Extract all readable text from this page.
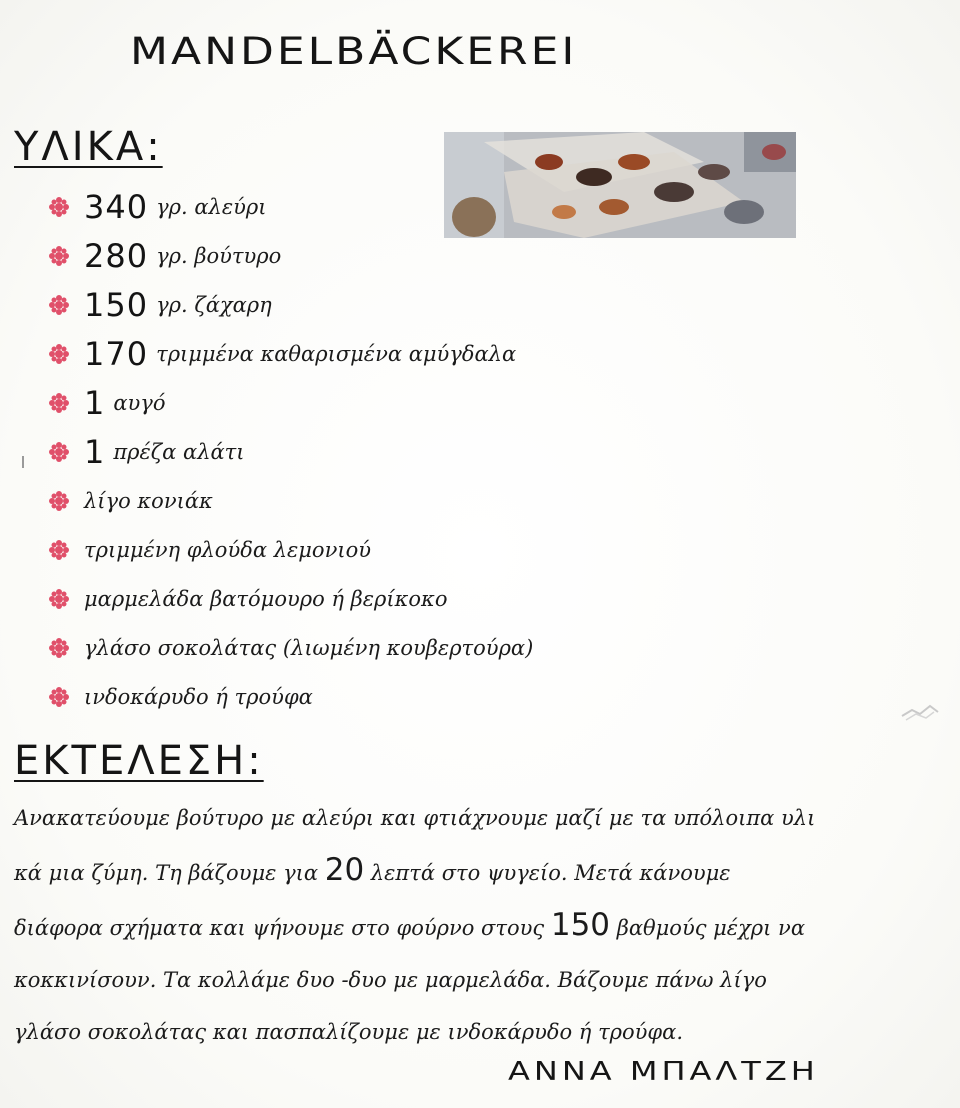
MANDELBÄCKEREI
ΥΛΙΚΑ:
340 γρ. αλεύρι
280 γρ. βούτυρο
150 γρ. ζάχαρη
170 τριμμένα καθαρισμένα αμύγδαλα
1 αυγό
1 πρέζα αλάτι
λίγο κονιάκ
τριμμένη φλούδα λεμονιού
μαρμελάδα βατόμουρο ή βερίκοκο
γλάσο σοκολάτας (λιωμένη κουβερτούρα)
ινδοκάρυδο ή τρούφα
ΕΚΤΕΛΕΣΗ:
Ανακατεύουμε βούτυρο με αλεύρι και φτιάχνουμε μαζί με τα υπόλοιπα υλι
κά μια ζύμη. Τη βάζουμε για 20 λεπτά στο ψυγείο. Μετά κάνουμε
διάφορα σχήματα και ψήνουμε στο φούρνο στους 150 βαθμούς μέχρι να
κοκκινίσουν. Τα κολλάμε δυο -δυο με μαρμελάδα. Βάζουμε πάνω λίγο
γλάσο σοκολάτας και πασπαλίζουμε με ινδοκάρυδο ή τρούφα.
ΑΝΝΑ ΜΠΑΛΤΖΗ
